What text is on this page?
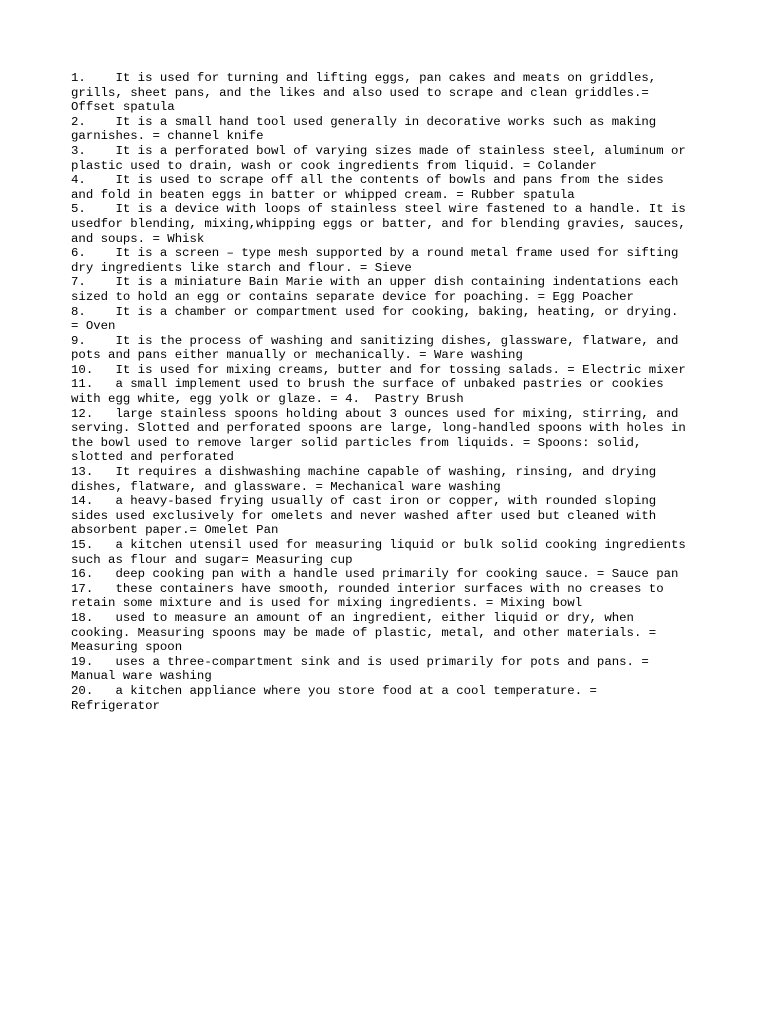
1.    It is used for turning and lifting eggs, pan cakes and meats on griddles,
grills, sheet pans, and the likes and also used to scrape and clean griddles.=
Offset spatula
2.    It is a small hand tool used generally in decorative works such as making
garnishes. = channel knife
3.    It is a perforated bowl of varying sizes made of stainless steel, aluminum or
plastic used to drain, wash or cook ingredients from liquid. = Colander
4.    It is used to scrape off all the contents of bowls and pans from the sides
and fold in beaten eggs in batter or whipped cream. = Rubber spatula
5.    It is a device with loops of stainless steel wire fastened to a handle. It is
usedfor blending, mixing,whipping eggs or batter, and for blending gravies, sauces,
and soups. = Whisk
6.    It is a screen – type mesh supported by a round metal frame used for sifting
dry ingredients like starch and flour. = Sieve
7.    It is a miniature Bain Marie with an upper dish containing indentations each
sized to hold an egg or contains separate device for poaching. = Egg Poacher
8.    It is a chamber or compartment used for cooking, baking, heating, or drying.
= Oven
9.    It is the process of washing and sanitizing dishes, glassware, flatware, and
pots and pans either manually or mechanically. = Ware washing
10.   It is used for mixing creams, butter and for tossing salads. = Electric mixer
11.   a small implement used to brush the surface of unbaked pastries or cookies
with egg white, egg yolk or glaze. = 4.  Pastry Brush
12.   large stainless spoons holding about 3 ounces used for mixing, stirring, and
serving. Slotted and perforated spoons are large, long-handled spoons with holes in
the bowl used to remove larger solid particles from liquids. = Spoons: solid,
slotted and perforated
13.   It requires a dishwashing machine capable of washing, rinsing, and drying
dishes, flatware, and glassware. = Mechanical ware washing
14.   a heavy-based frying usually of cast iron or copper, with rounded sloping
sides used exclusively for omelets and never washed after used but cleaned with
absorbent paper.= Omelet Pan
15.   a kitchen utensil used for measuring liquid or bulk solid cooking ingredients
such as flour and sugar= Measuring cup
16.   deep cooking pan with a handle used primarily for cooking sauce. = Sauce pan
17.   these containers have smooth, rounded interior surfaces with no creases to
retain some mixture and is used for mixing ingredients. = Mixing bowl
18.   used to measure an amount of an ingredient, either liquid or dry, when
cooking. Measuring spoons may be made of plastic, metal, and other materials. =
Measuring spoon
19.   uses a three-compartment sink and is used primarily for pots and pans. =
Manual ware washing
20.   a kitchen appliance where you store food at a cool temperature. =
Refrigerator
